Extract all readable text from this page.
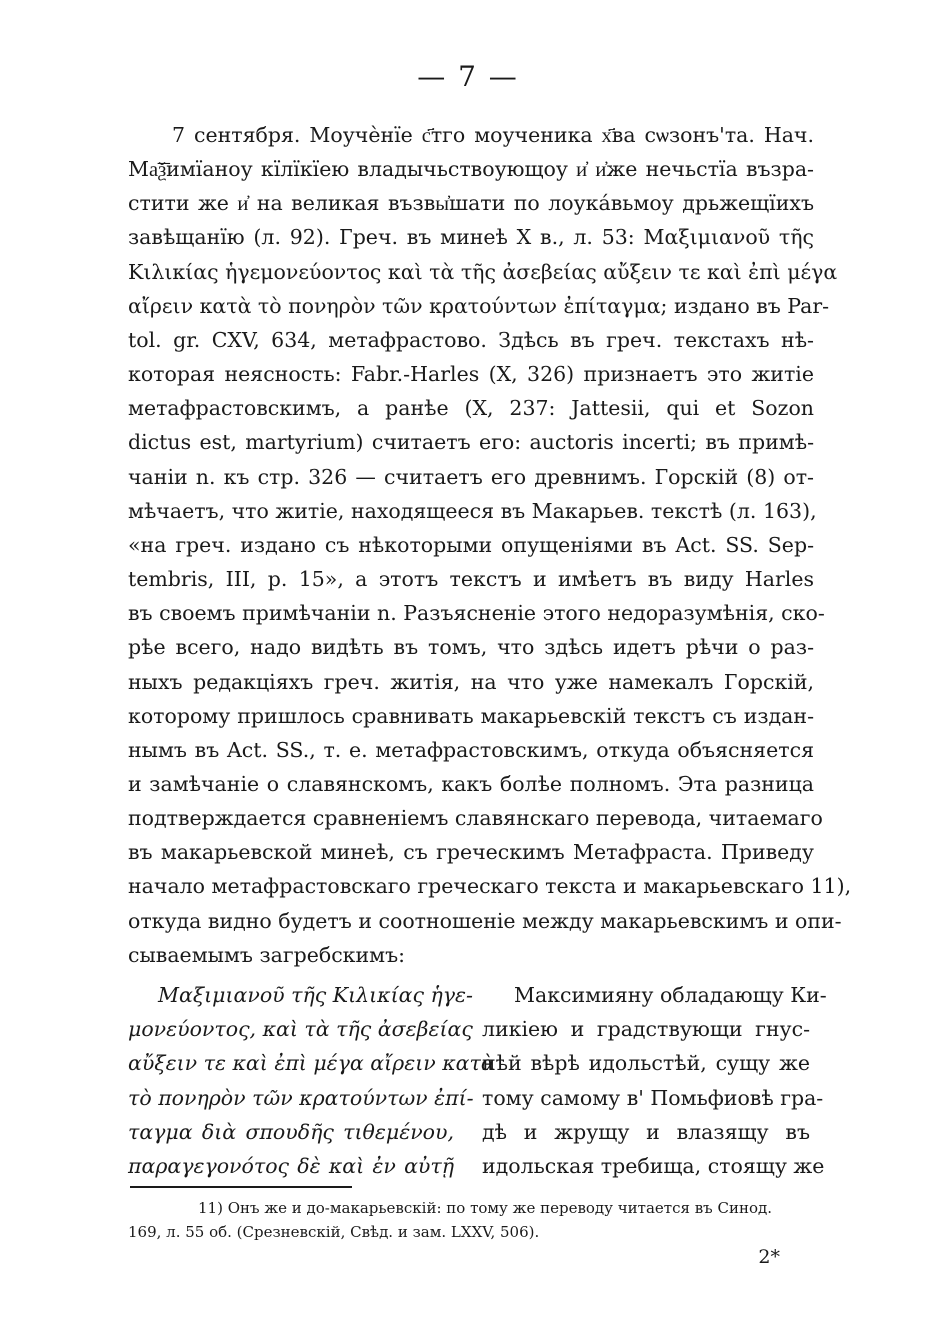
— 7 —
7 сентября. Моучѐнїе с҃тго моученика х҃ва сѡзонъ'та. Нач.
Ма͞ѯимїаноу кїлїкїею владычьствоующоу и҆ и҆же нечьстїа възра-
стити же и҆ на великая възвы҆шати по лоука́вьмоу дрьжещїихъ
завѣщанїю (л. 92). Греч. въ минеѣ X в., л. 53: Μαξιμιανοῦ τῆς
Κιλικίας ἡγεμονεύοντος καὶ τὰ τῆς ἀσεβείας αὔξειν τε καὶ ἐπὶ μέγα
αἴρειν κατὰ τὸ πονηρὸν τῶν κρατούντων ἐπίταγμα; издано въ Par-
tol. gr. CXV, 634, метафрастово. Здѣсь въ греч. текстахъ нѣ-
которая неясность: Fabr.-Harles (X, 326) признаетъ это житіе
метафрастовскимъ, а ранѣе (X, 237: Jattesii, qui et Sozon
dictus est, martyrium) считаетъ его: auctoris incerti; въ примѣ-
чаніи n. къ стр. 326 — считаетъ его древнимъ. Горскій (8) от-
мѣчаетъ, что житіе, находящееся въ Макарьев. текстѣ (л. 163),
«на греч. издано съ нѣкоторыми опущеніями въ Act. SS. Sep-
tembris, III, p. 15», а этотъ текстъ и имѣетъ въ виду Harles
въ своемъ примѣчаніи n. Разъясненіе этого недоразумѣнія, ско-
рѣе всего, надо видѣть въ томъ, что здѣсь идетъ рѣчи о раз-
ныхъ редакціяхъ греч. житія, на что уже намекалъ Горскій,
которому пришлось сравнивать макарьевскій текстъ съ издан-
нымъ въ Act. SS., т. е. метафрастовскимъ, откуда объясняется
и замѣчаніе о славянскомъ, какъ болѣе полномъ. Эта разница
подтверждается сравненіемъ славянскаго перевода, читаемаго
въ макарьевской минеѣ, съ греческимъ Метафраста. Приведу
начало метафрастовскаго греческаго текста и макарьевскаго 11),
откуда видно будетъ и соотношеніе между макарьевскимъ и опи-
сываемымъ загребскимъ:
Μαξιμιανοῦ τῆς Κιλικίας ἡγε-
μονεύοντος, καὶ τὰ τῆς ἀσεβείας
αὔξειν τε καὶ ἐπὶ μέγα αἴρειν κατὰ
τὸ πονηρὸν τῶν κρατούντων ἐπί-
ταγμα διὰ σπουδῆς τιθεμένου,
παραγεγονότος δὲ καὶ ἐν αὐτῇ
Максимияну обладающу Ки-
ликiею и градствующи гнус-
нѣй вѣрѣ идольстѣй, сущу же
тому самому в' Помьфиовѣ гра-
дѣ и жрущу и влазящу въ
идольская требища, стоящу же
11) Онъ же и до-макарьевскій: по тому же переводу читается въ Синод.
169, л. 55 об. (Срезневскій, Свѣд. и зам. LXXV, 506).
2*
